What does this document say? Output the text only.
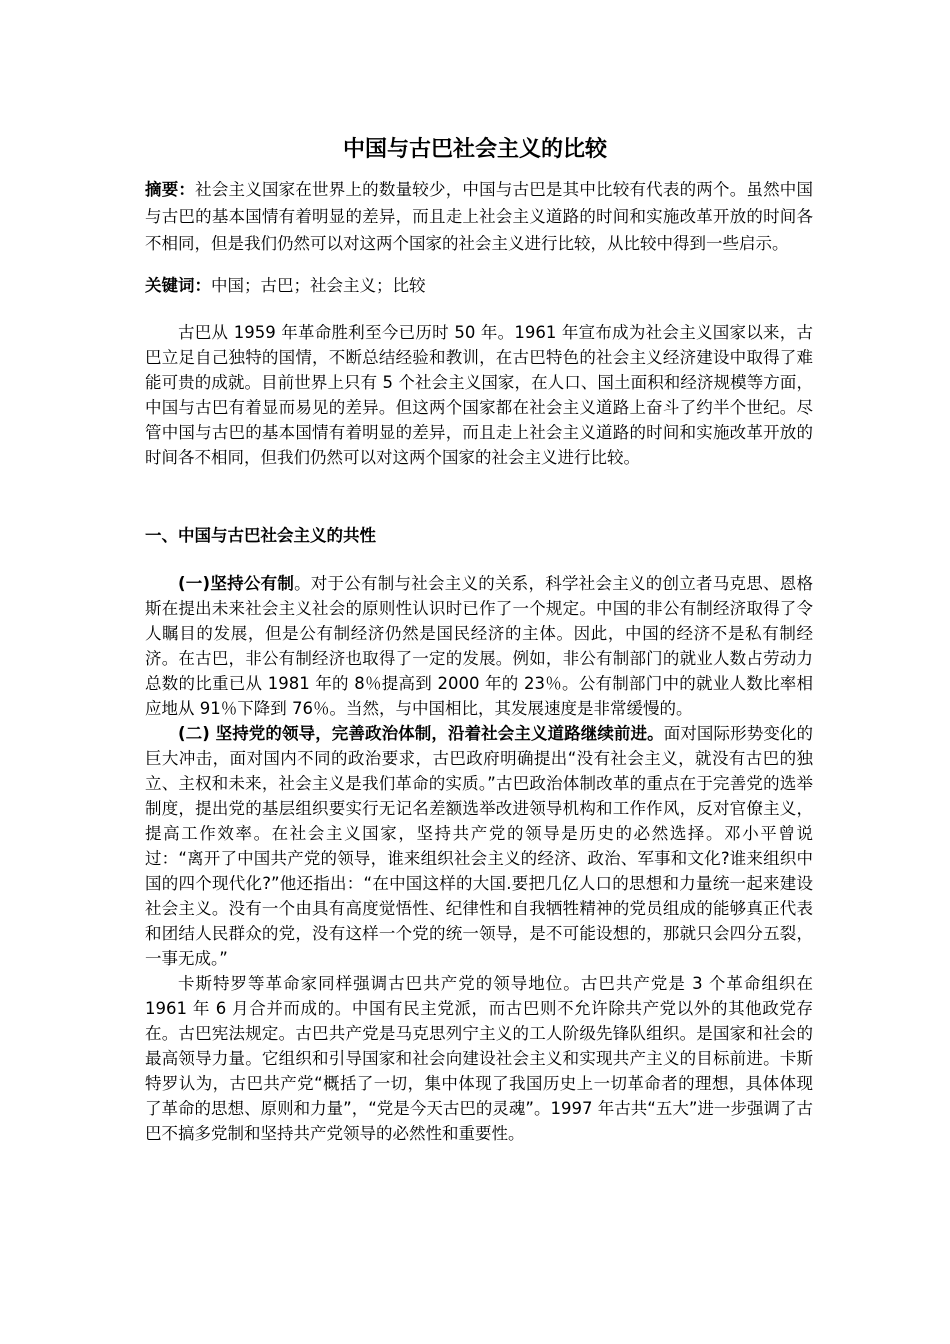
中国与古巴社会主义的比较

摘要：社会主义国家在世界上的数量较少，中国与古巴是其中比较有代表的两个。虽然中国与古巴的基本国情有着明显的差异，而且走上社会主义道路的时间和实施改革开放的时间各不相同，但是我们仍然可以对这两个国家的社会主义进行比较，从比较中得到一些启示。

关键词：中国；古巴；社会主义；比较

古巴从 1959 年革命胜利至今已历时 50 年。1961 年宣布成为社会主义国家以来，古巴立足自己独特的国情，不断总结经验和教训，在古巴特色的社会主义经济建设中取得了难能可贵的成就。目前世界上只有 5 个社会主义国家，在人口、国土面积和经济规模等方面，中国与古巴有着显而易见的差异。但这两个国家都在社会主义道路上奋斗了约半个世纪。尽管中国与古巴的基本国情有着明显的差异，而且走上社会主义道路的时间和实施改革开放的时间各不相同，但我们仍然可以对这两个国家的社会主义进行比较。

一、中国与古巴社会主义的共性

(一)坚持公有制。对于公有制与社会主义的关系，科学社会主义的创立者马克思、恩格斯在提出未来社会主义社会的原则性认识时已作了一个规定。中国的非公有制经济取得了令人瞩目的发展，但是公有制经济仍然是国民经济的主体。因此，中国的经济不是私有制经济。在古巴，非公有制经济也取得了一定的发展。例如，非公有制部门的就业人数占劳动力总数的比重已从 1981 年的 8％提高到 2000 年的 23％。公有制部门中的就业人数比率相应地从 91％下降到 76％。当然，与中国相比，其发展速度是非常缓慢的。

(二) 坚持党的领导，完善政治体制，沿着社会主义道路继续前进。面对国际形势变化的巨大冲击，面对国内不同的政治要求，古巴政府明确提出“没有社会主义，就没有古巴的独立、主权和未来，社会主义是我们革命的实质。”古巴政治体制改革的重点在于完善党的选举制度，提出党的基层组织要实行无记名差额选举改进领导机构和工作作风，反对官僚主义，提高工作效率。在社会主义国家，坚持共产党的领导是历史的必然选择。邓小平曾说过：“离开了中国共产党的领导，谁来组织社会主义的经济、政治、军事和文化?谁来组织中国的四个现代化?”他还指出：“在中国这样的大国.要把几亿人口的思想和力量统一起来建设社会主义。没有一个由具有高度觉悟性、纪律性和自我牺牲精神的党员组成的能够真正代表和团结人民群众的党，没有这样一个党的统一领导，是不可能设想的，那就只会四分五裂，一事无成。”

卡斯特罗等革命家同样强调古巴共产党的领导地位。古巴共产党是 3 个革命组织在 1961 年 6 月合并而成的。中国有民主党派，而古巴则不允许除共产党以外的其他政党存在。古巴宪法规定。古巴共产党是马克思列宁主义的工人阶级先锋队组织。是国家和社会的最高领导力量。它组织和引导国家和社会向建设社会主义和实现共产主义的目标前进。卡斯特罗认为，古巴共产党“概括了一切，集中体现了我国历史上一切革命者的理想，具体体现了革命的思想、原则和力量”，“党是今天古巴的灵魂”。1997 年古共“五大”进一步强调了古巴不搞多党制和坚持共产党领导的必然性和重要性。
